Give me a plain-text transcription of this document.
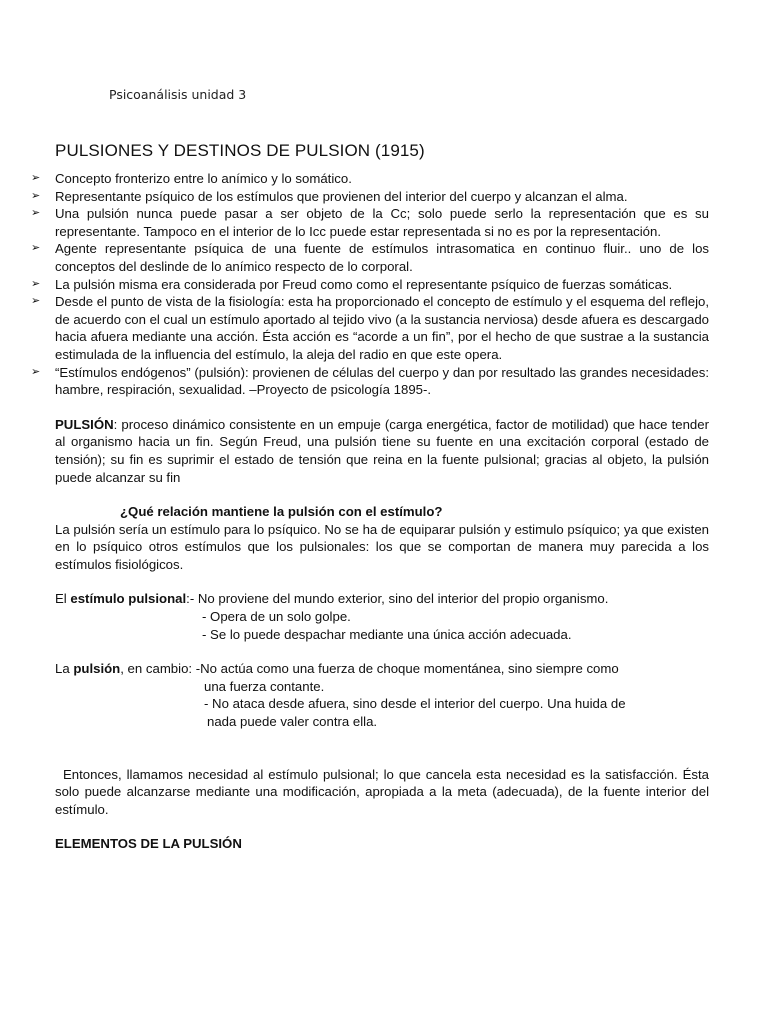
Psicoanálisis unidad 3
PULSIONES Y DESTINOS DE PULSION (1915)
➢	Concepto fronterizo entre lo anímico y lo somático.
➢	Representante psíquico de los estímulos que provienen del interior del cuerpo y alcanzan el alma.
➢	Una pulsión nunca puede pasar a ser objeto de la Cc; solo puede serlo la representación que es su representante. Tampoco en el interior de lo Icc puede estar representada si no es por la representación.
➢	Agente representante psíquica de una fuente de estímulos intrasomatica en continuo fluir.. uno de los conceptos del deslinde de lo anímico respecto de lo corporal.
➢	La pulsión misma era considerada por Freud como como el representante psíquico de fuerzas somáticas.
➢	Desde el punto de vista de la fisiología: esta ha proporcionado el concepto de estímulo y el esquema del reflejo, de acuerdo con el cual un estímulo aportado al tejido vivo (a la sustancia nerviosa) desde afuera es descargado hacia afuera mediante una acción. Ésta acción es “acorde a un fin”, por el hecho de que sustrae a la sustancia estimulada de la influencia del estímulo, la aleja del radio en que este opera.
➢	“Estímulos endógenos” (pulsión): provienen de células del cuerpo y dan por resultado las grandes necesidades: hambre, respiración, sexualidad. –Proyecto de psicología 1895-.

PULSIÓN: proceso dinámico consistente en un empuje (carga energética, factor de motilidad) que hace tender al organismo hacia un fin. Según Freud, una pulsión tiene su fuente en una excitación corporal (estado de tensión); su fin es suprimir el estado de tensión que reina en la fuente pulsional; gracias al objeto, la pulsión puede alcanzar su fin

¿Qué relación mantiene la pulsión con el estímulo?

La pulsión sería un estímulo para lo psíquico. No se ha de equiparar pulsión y estimulo psíquico; ya que existen en lo psíquico otros estímulos que los pulsionales: los que se comportan de manera muy parecida a los estímulos fisiológicos.

El estímulo pulsional :- No proviene del mundo exterior, sino del interior del propio organismo.

- Opera de un solo golpe.

- Se lo puede despachar mediante una única acción adecuada.

La pulsión , en cambio: -No actúa como una fuerza de choque momentánea, sino siempre como

una fuerza contante.

- No ataca desde afuera, sino desde el interior del cuerpo. Una huida de

nada puede valer contra ella.

Entonces, llamamos necesidad al estímulo pulsional; lo que cancela esta necesidad es la satisfacción. Ésta solo puede alcanzarse mediante una modificación, apropiada a la meta (adecuada), de la fuente interior del estímulo.

ELEMENTOS DE LA PULSIÓN
